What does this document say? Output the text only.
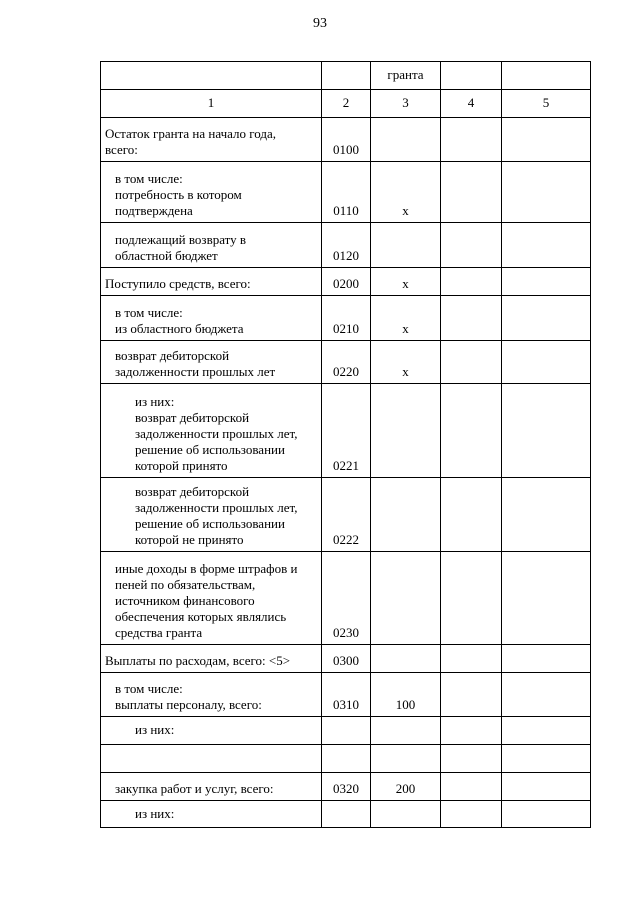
93
		гранта		
1	2	3	4	5

Остаток гранта на начало года,
всего:	0100			

в том числе:
потребность в котором
подтверждена	0110	х		

подлежащий возврату в
областной бюджет	0120			

Поступило средств, всего:	0200	х		

в том числе:
из областного бюджета	0210	х		

возврат дебиторской
задолженности прошлых лет	0220	х		

из них:
возврат дебиторской
задолженности прошлых лет,
решение об использовании
которой принято	0221			

возврат дебиторской
задолженности прошлых лет,
решение об использовании
которой не принято	0222			

иные доходы в форме штрафов и
пеней по обязательствам,
источником финансового
обеспечения которых являлись
средства гранта	0230			

Выплаты по расходам, всего: <5>	0300			

в том числе:
выплаты персоналу, всего:	0310	100		

из них:				

закупка работ и услуг, всего:	0320	200		

из них:				
